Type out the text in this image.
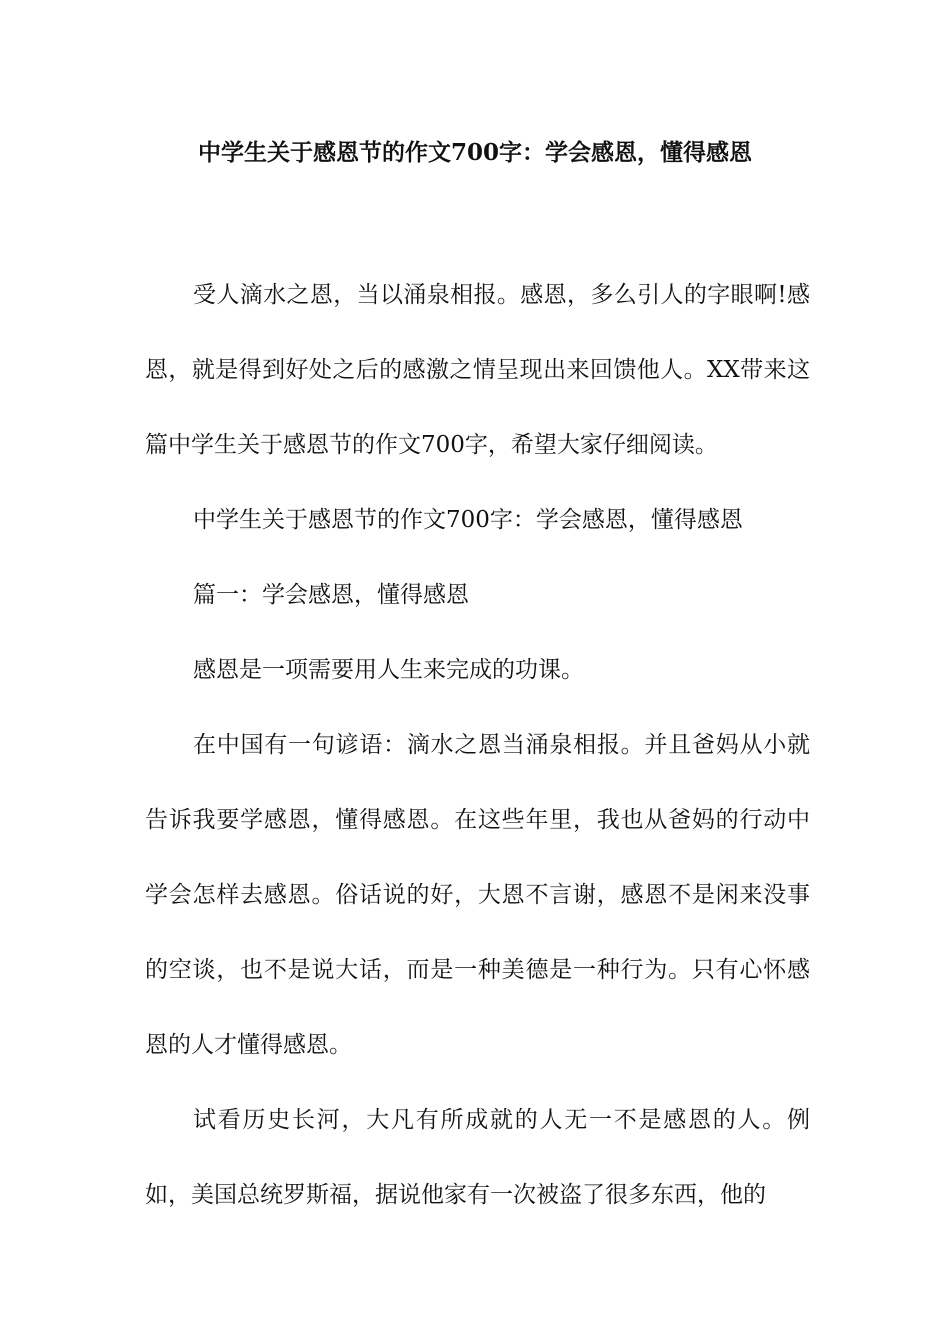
中学生关于感恩节的作文700字：学会感恩，懂得感恩

受人滴水之恩，当以涌泉相报。感恩，多么引人的字眼啊!感恩，就是得到好处之后的感激之情呈现出来回馈他人。XX带来这篇中学生关于感恩节的作文700字，希望大家仔细阅读。

中学生关于感恩节的作文700字：学会感恩，懂得感恩

篇一：学会感恩，懂得感恩

感恩是一项需要用人生来完成的功课。

在中国有一句谚语：滴水之恩当涌泉相报。并且爸妈从小就告诉我要学感恩，懂得感恩。在这些年里，我也从爸妈的行动中学会怎样去感恩。俗话说的好，大恩不言谢，感恩不是闲来没事的空谈，也不是说大话，而是一种美德是一种行为。只有心怀感恩的人才懂得感恩。

试看历史长河，大凡有所成就的人无一不是感恩的人。例如，美国总统罗斯福，据说他家有一次被盗了很多东西，他的
